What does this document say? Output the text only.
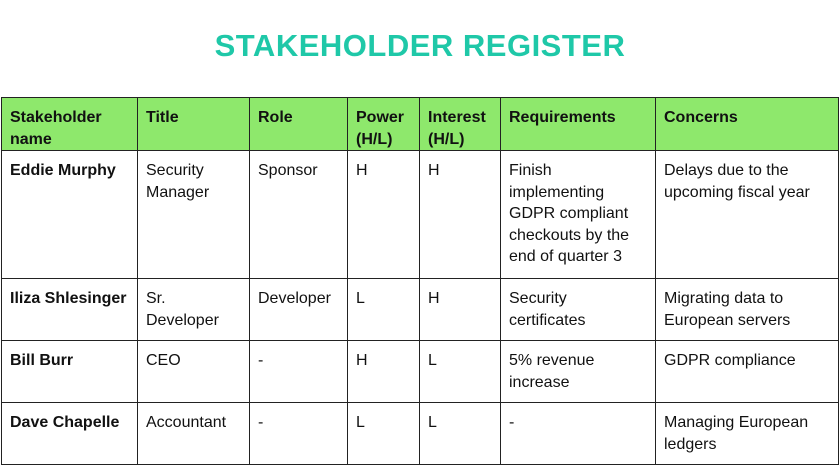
STAKEHOLDER REGISTER
Stakeholder name	Title	Role	Power (H/L)	Interest (H/L)	Requirements	Concerns
Eddie Murphy	Security Manager	Sponsor	H	H	Finish implementing GDPR compliant checkouts by the end of quarter 3	Delays due to the upcoming fiscal year
Iliza Shlesinger	Sr. Developer	Developer	L	H	Security certificates	Migrating data to European servers
Bill Burr	CEO	-	H	L	5% revenue increase	GDPR compliance
Dave Chapelle	Accountant	-	L	L	-	Managing European ledgers
